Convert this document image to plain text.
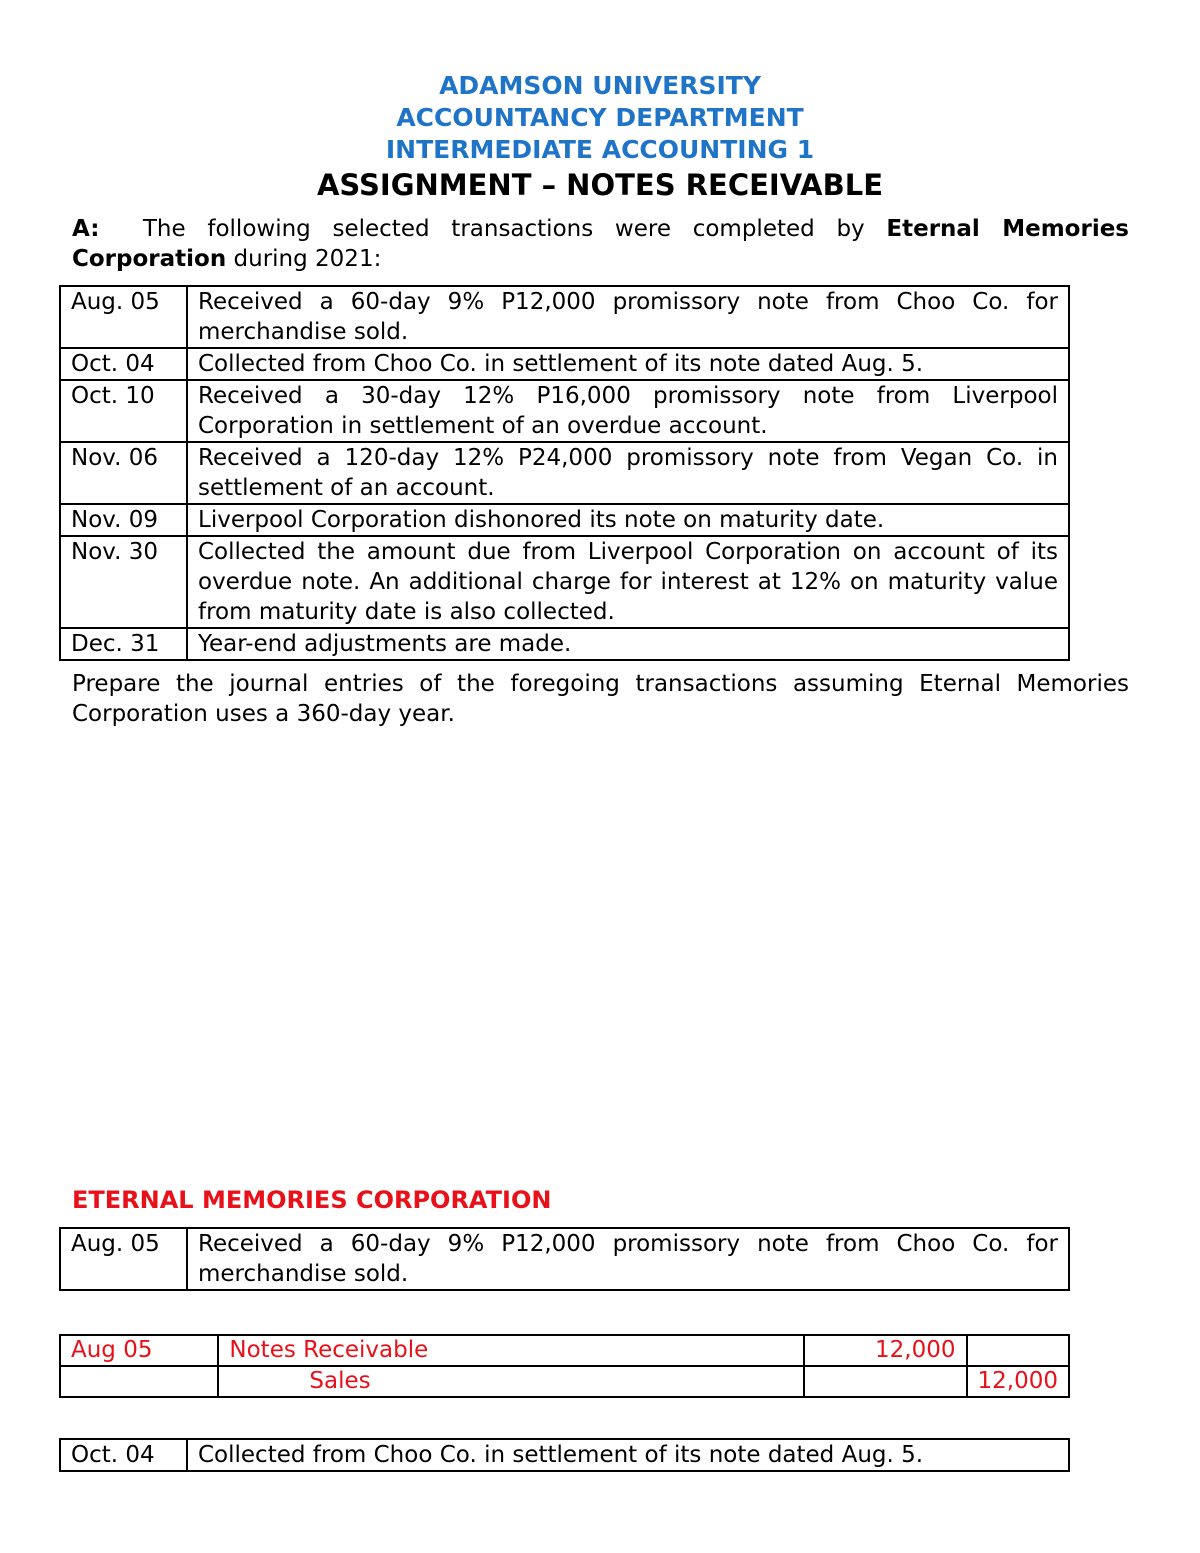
ADAMSON UNIVERSITY
ACCOUNTANCY DEPARTMENT
INTERMEDIATE ACCOUNTING 1
ASSIGNMENT – NOTES RECEIVABLE
A:  The following selected transactions were completed by Eternal Memories Corporation during 2021:
Aug. 05	Received a 60-day 9% P12,000 promissory note from Choo Co. for merchandise sold.
Oct. 04	Collected from Choo Co. in settlement of its note dated Aug. 5.
Oct. 10	Received a 30-day 12% P16,000 promissory note from Liverpool Corporation in settlement of an overdue account.
Nov. 06	Received a 120-day 12% P24,000 promissory note from Vegan Co. in settlement of an account.
Nov. 09	Liverpool Corporation dishonored its note on maturity date.
Nov. 30	Collected the amount due from Liverpool Corporation on account of its overdue note. An additional charge for interest at 12% on maturity value from maturity date is also collected.
Dec. 31	Year-end adjustments are made.
Prepare the journal entries of the foregoing transactions assuming Eternal Memories Corporation uses a 360-day year.
ETERNAL MEMORIES CORPORATION
Aug. 05	Received a 60-day 9% P12,000 promissory note from Choo Co. for merchandise sold.
Aug 05	Notes Receivable	12,000	
	Sales		12,000
Oct. 04	Collected from Choo Co. in settlement of its note dated Aug. 5.
